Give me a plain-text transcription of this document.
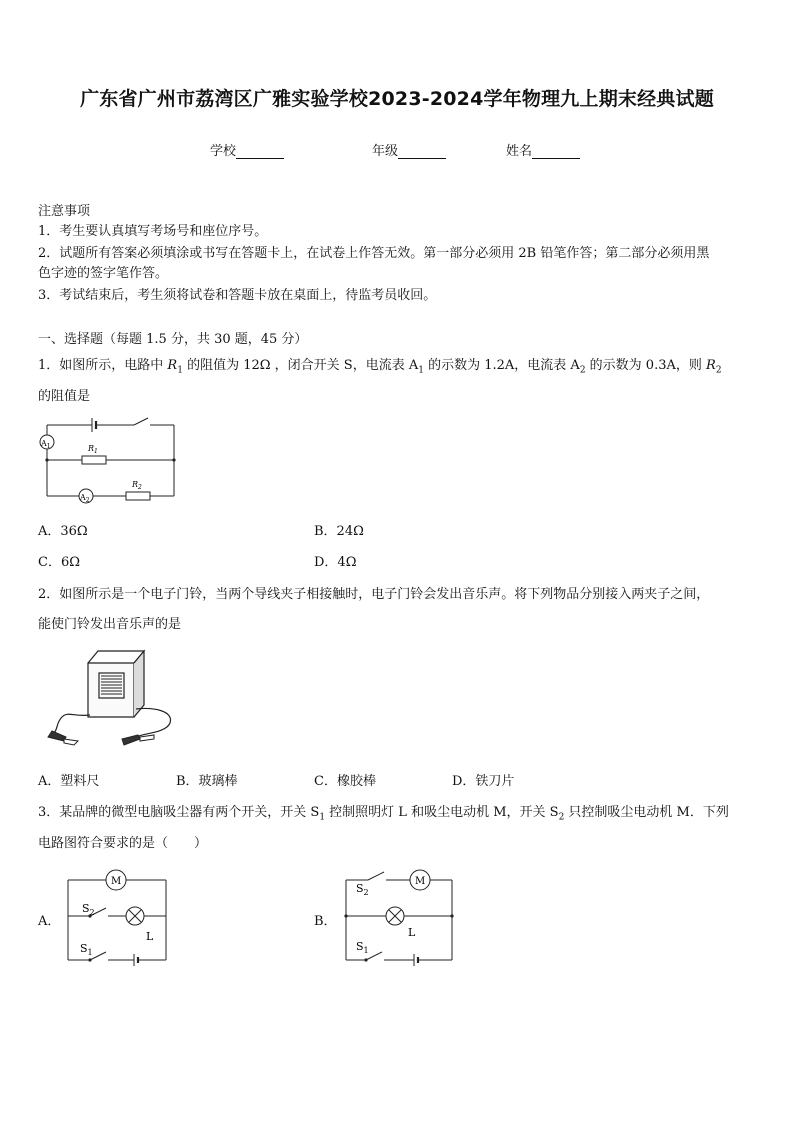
广东省广州市荔湾区广雅实验学校2023-2024学年物理九上期末经典试题
学校	年级	姓名
注意事项
1．考生要认真填写考场号和座位序号。
2．试题所有答案必须填涂或书写在答题卡上，在试卷上作答无效。第一部分必须用 2B 铅笔作答；第二部分必须用黑
色字迹的签字笔作答。
3．考试结束后，考生须将试卷和答题卡放在桌面上，待监考员收回。
一、选择题（每题 1.5 分，共 30 题，45 分）
1．如图所示，电路中 $R_1$ 的阻值为 12Ω ，闭合开关 S，电流表 $A_1$ 的示数为 1.2A，电流表 $A_2$ 的示数为 0.3A，则 $R_2$
的阻值是
$A_1$
$A_2$
$R_1$
$R_2$
A．36Ω	B．24Ω
C．6Ω	D．4Ω
2．如图所示是一个电子门铃，当两个导线夹子相接触时，电子门铃会发出音乐声。将下列物品分别接入两夹子之间，
能使门铃发出音乐声的是
A．塑料尺	B．玻璃棒	C．橡胶棒	D．铁刀片
3．某品牌的微型电脑吸尘器有两个开关，开关 $S_1$ 控制照明灯 L 和吸尘电动机 M，开关 $S_2$ 只控制吸尘电动机 M．下列
电路图符合要求的是（　　）
A．
M
$S_2$
L
$S_1$
B．
M
$S_2$
L
$S_1$
